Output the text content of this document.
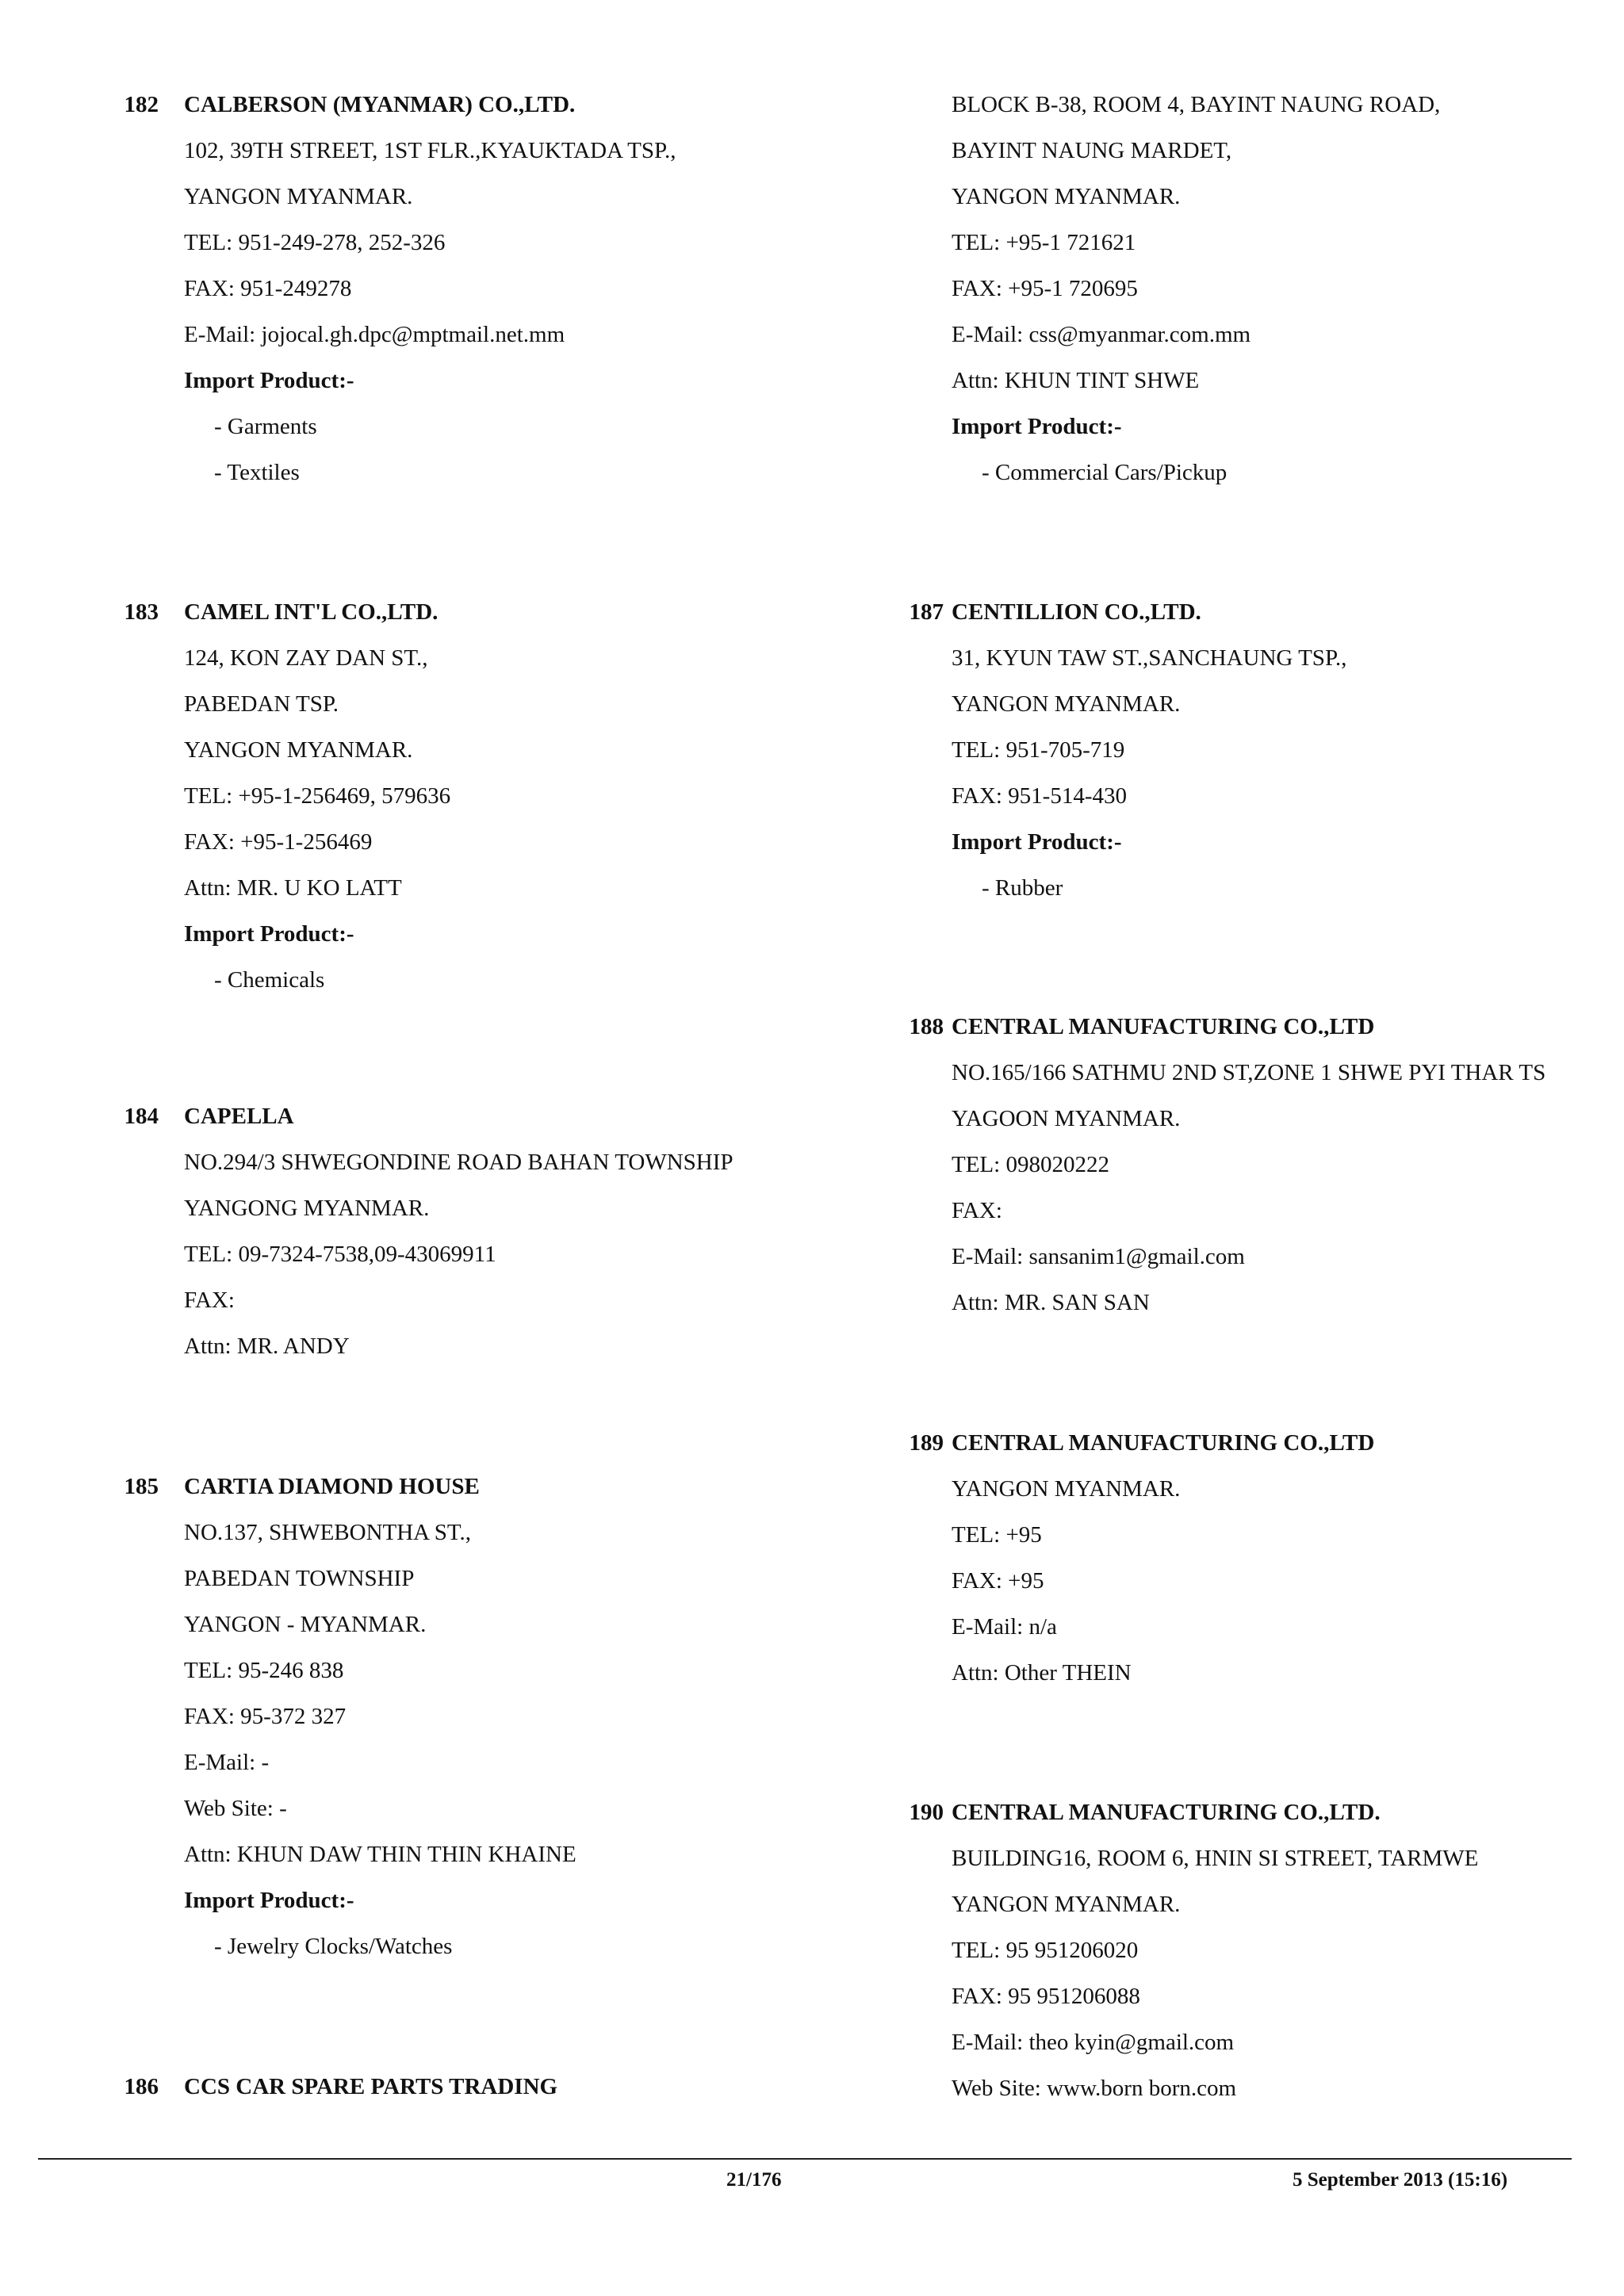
182 CALBERSON (MYANMAR) CO.,LTD.
102, 39TH STREET, 1ST FLR.,KYAUKTADA TSP.,
YANGON MYANMAR.
TEL: 951-249-278, 252-326
FAX: 951-249278
E-Mail: jojocal.gh.dpc@mptmail.net.mm
Import Product:-
- Garments
- Textiles
183 CAMEL INT'L CO.,LTD.
124, KON ZAY DAN ST.,
PABEDAN TSP.
YANGON MYANMAR.
TEL: +95-1-256469, 579636
FAX: +95-1-256469
Attn: MR. U KO LATT
Import Product:-
- Chemicals
184 CAPELLA
NO.294/3 SHWEGONDINE ROAD BAHAN TOWNSHIP
YANGONG MYANMAR.
TEL: 09-7324-7538,09-43069911
FAX:
Attn: MR. ANDY
185 CARTIA DIAMOND HOUSE
NO.137, SHWEBONTHA ST.,
PABEDAN TOWNSHIP
YANGON - MYANMAR.
TEL: 95-246 838
FAX: 95-372 327
E-Mail: -
Web Site: -
Attn: KHUN DAW THIN THIN KHAINE
Import Product:-
- Jewelry Clocks/Watches
186 CCS CAR SPARE PARTS TRADING
BLOCK B-38, ROOM 4, BAYINT NAUNG ROAD,
BAYINT NAUNG MARDET,
YANGON MYANMAR.
TEL: +95-1 721621
FAX: +95-1 720695
E-Mail: css@myanmar.com.mm
Attn: KHUN TINT SHWE
Import Product:-
- Commercial Cars/Pickup
187 CENTILLION CO.,LTD.
31, KYUN TAW ST.,SANCHAUNG TSP.,
YANGON MYANMAR.
TEL: 951-705-719
FAX: 951-514-430
Import Product:-
- Rubber
188 CENTRAL MANUFACTURING CO.,LTD
NO.165/166 SATHMU 2ND ST,ZONE 1 SHWE PYI THAR TS
YAGOON MYANMAR.
TEL: 098020222
FAX:
E-Mail: sansanim1@gmail.com
Attn: MR. SAN SAN
189 CENTRAL MANUFACTURING CO.,LTD
YANGON MYANMAR.
TEL: +95
FAX: +95
E-Mail: n/a
Attn: Other THEIN
190 CENTRAL MANUFACTURING CO.,LTD.
BUILDING16, ROOM 6, HNIN SI STREET, TARMWE
YANGON MYANMAR.
TEL: 95 951206020
FAX: 95 951206088
E-Mail: theo kyin@gmail.com
Web Site: www.born born.com
21/176	5 September 2013 (15:16)
